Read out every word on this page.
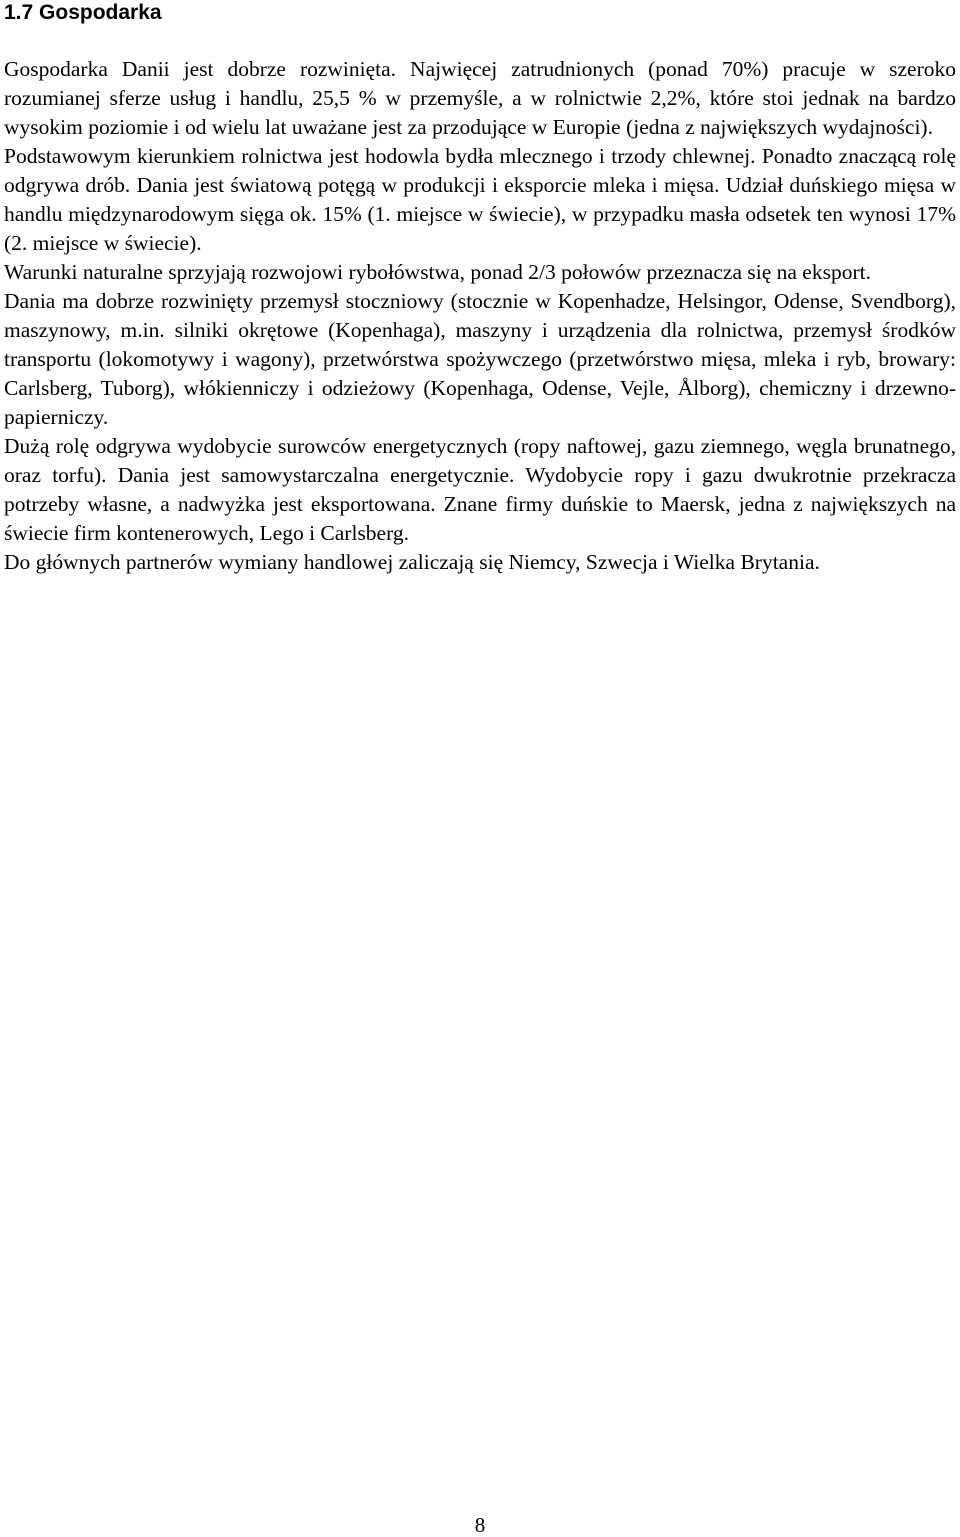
1.7 Gospodarka

Gospodarka Danii jest dobrze rozwinięta. Najwięcej zatrudnionych (ponad 70%) pracuje w szeroko rozumianej sferze usług i handlu, 25,5 % w przemyśle, a w rolnictwie 2,2%, które stoi jednak na bardzo wysokim poziomie i od wielu lat uważane jest za przodujące w Europie (jedna z największych wydajności).

Podstawowym kierunkiem rolnictwa jest hodowla bydła mlecznego i trzody chlewnej. Ponadto znaczącą rolę odgrywa drób. Dania jest światową potęgą w produkcji i eksporcie mleka i mięsa. Udział duńskiego mięsa w handlu międzynarodowym sięga ok. 15% (1. miejsce w świecie), w przypadku masła odsetek ten wynosi 17% (2. miejsce w świecie).

Warunki naturalne sprzyjają rozwojowi rybołówstwa, ponad 2/3 połowów przeznacza się na eksport.

Dania ma dobrze rozwinięty przemysł stoczniowy (stocznie w Kopenhadze, Helsingor, Odense, Svendborg), maszynowy, m.in. silniki okrętowe (Kopenhaga), maszyny i urządzenia dla rolnictwa, przemysł środków transportu (lokomotywy i wagony), przetwórstwa spożywczego (przetwórstwo mięsa, mleka i ryb, browary: Carlsberg, Tuborg), włókienniczy i odzieżowy (Kopenhaga, Odense, Vejle, Ålborg), chemiczny i drzewno-papierniczy.

Dużą rolę odgrywa wydobycie surowców energetycznych (ropy naftowej, gazu ziemnego, węgla brunatnego, oraz torfu). Dania jest samowystarczalna energetycznie. Wydobycie ropy i gazu dwukrotnie przekracza potrzeby własne, a nadwyżka jest eksportowana. Znane firmy duńskie to Maersk, jedna z największych na świecie firm kontenerowych, Lego i Carlsberg.

Do głównych partnerów wymiany handlowej zaliczają się Niemcy, Szwecja i Wielka Brytania.

8
